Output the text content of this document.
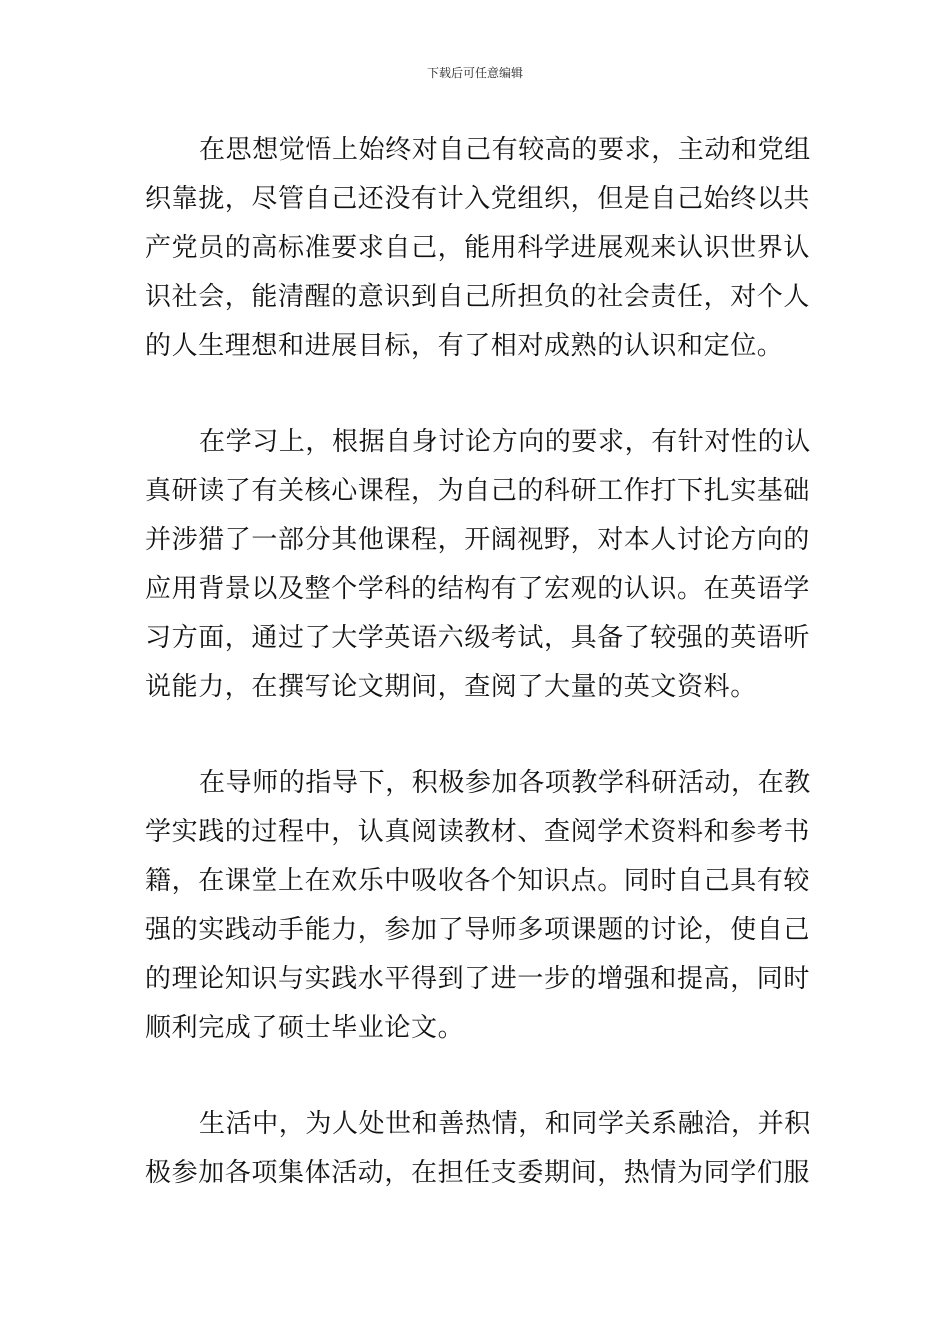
下载后可任意编辑
在思想觉悟上始终对自己有较高的要求，主动和党组
织靠拢，尽管自己还没有计入党组织，但是自己始终以共
产党员的高标准要求自己，能用科学进展观来认识世界认
识社会，能清醒的意识到自己所担负的社会责任，对个人
的人生理想和进展目标，有了相对成熟的认识和定位。
在学习上，根据自身讨论方向的要求，有针对性的认
真研读了有关核心课程，为自己的科研工作打下扎实基础
并涉猎了一部分其他课程，开阔视野，对本人讨论方向的
应用背景以及整个学科的结构有了宏观的认识。在英语学
习方面，通过了大学英语六级考试，具备了较强的英语听
说能力，在撰写论文期间，查阅了大量的英文资料。
在导师的指导下，积极参加各项教学科研活动，在教
学实践的过程中，认真阅读教材、查阅学术资料和参考书
籍，在课堂上在欢乐中吸收各个知识点。同时自己具有较
强的实践动手能力，参加了导师多项课题的讨论，使自己
的理论知识与实践水平得到了进一步的增强和提高，同时
顺利完成了硕士毕业论文。
生活中，为人处世和善热情，和同学关系融洽，并积
极参加各项集体活动，在担任支委期间，热情为同学们服
